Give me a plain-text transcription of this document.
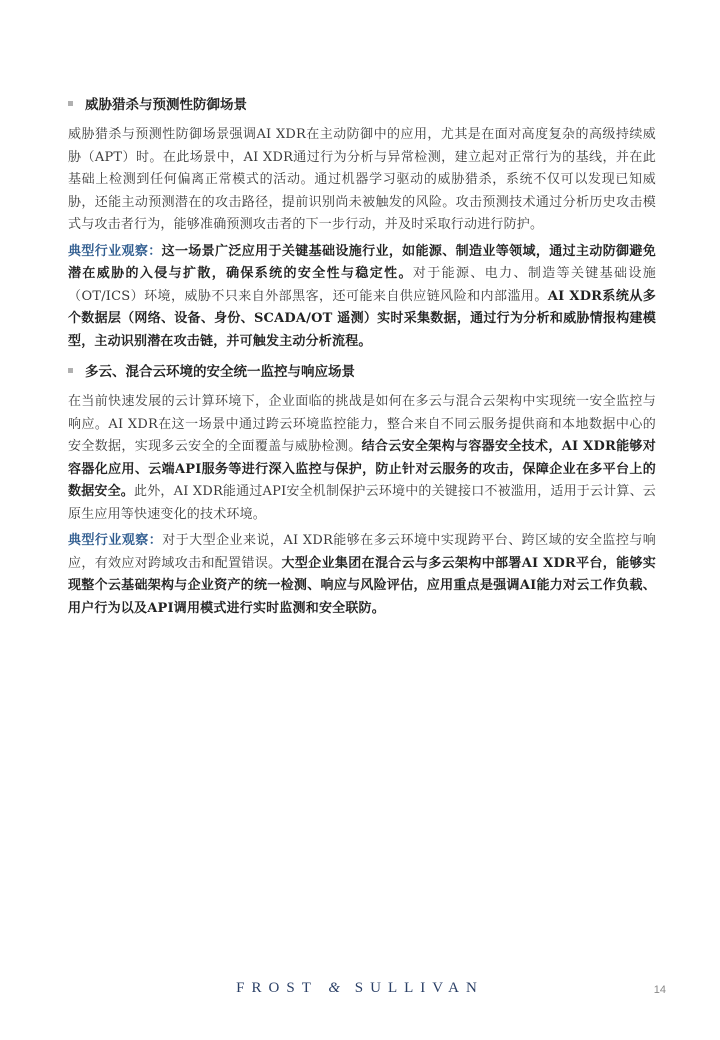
威胁猎杀与预测性防御场景

威胁猎杀与预测性防御场景强调AI XDR在主动防御中的应用，尤其是在面对高度复杂的高级持续威胁（APT）时。在此场景中，AI XDR通过行为分析与异常检测，建立起对正常行为的基线，并在此基础上检测到任何偏离正常模式的活动。通过机器学习驱动的威胁猎杀，系统不仅可以发现已知威胁，还能主动预测潜在的攻击路径，提前识别尚未被触发的风险。攻击预测技术通过分析历史攻击模式与攻击者行为，能够准确预测攻击者的下一步行动，并及时采取行动进行防护。

典型行业观察：这一场景广泛应用于关键基础设施行业，如能源、制造业等领域，通过主动防御避免潜在威胁的入侵与扩散，确保系统的安全性与稳定性。对于能源、电力、制造等关键基础设施（OT/ICS）环境，威胁不只来自外部黑客，还可能来自供应链风险和内部滥用。AI XDR系统从多个数据层（网络、设备、身份、SCADA/OT 遥测）实时采集数据，通过行为分析和威胁情报构建模型，主动识别潜在攻击链，并可触发主动分析流程。

多云、混合云环境的安全统一监控与响应场景

在当前快速发展的云计算环境下，企业面临的挑战是如何在多云与混合云架构中实现统一安全监控与响应。AI XDR在这一场景中通过跨云环境监控能力，整合来自不同云服务提供商和本地数据中心的安全数据，实现多云安全的全面覆盖与威胁检测。结合云安全架构与容器安全技术，AI XDR能够对容器化应用、云端API服务等进行深入监控与保护，防止针对云服务的攻击，保障企业在多平台上的数据安全。此外，AI XDR能通过API安全机制保护云环境中的关键接口不被滥用，适用于云计算、云原生应用等快速变化的技术环境。

典型行业观察：对于大型企业来说，AI XDR能够在多云环境中实现跨平台、跨区域的安全监控与响应，有效应对跨域攻击和配置错误。大型企业集团在混合云与多云架构中部署AI XDR平台，能够实现整个云基础架构与企业资产的统一检测、响应与风险评估，应用重点是强调AI能力对云工作负载、用户行为以及API调用模式进行实时监测和安全联防。

FROST & SULLIVAN	14
